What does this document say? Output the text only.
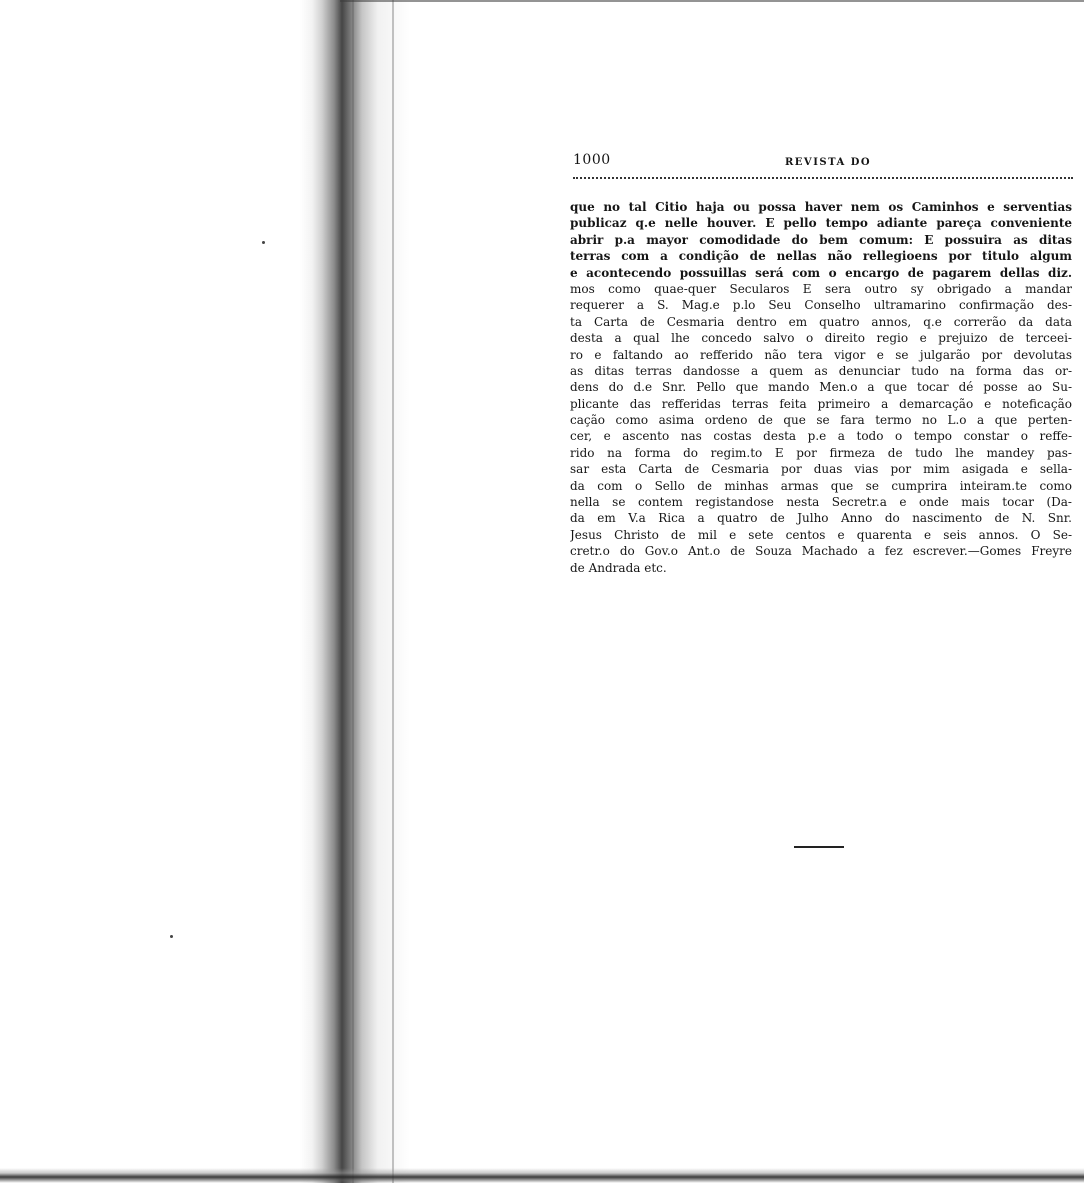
1000	REVISTA DO
que no tal Citio haja ou possa haver nem os Caminhos e serventias
publicaz q.e nelle houver. E pello tempo adiante pareça conveniente
abrir p.a mayor comodidade do bem comum: E possuira as ditas
terras com a condição de nellas não rellegioens por titulo algum
e acontecendo possuillas será com o encargo de pagarem dellas diz.
mos como quae-quer Secularos E sera outro sy obrigado a mandar
requerer a S. Mag.e p.lo Seu Conselho ultramarino confirmação des-
ta Carta de Cesmaria dentro em quatro annos, q.e correrão da data
desta a qual lhe concedo salvo o direito regio e prejuizo de terceei-
ro e faltando ao refferido não tera vigor e se julgarão por devolutas
as ditas terras dandosse a quem as denunciar tudo na forma das or-
dens do d.e Snr. Pello que mando Men.o a que tocar dé posse ao Su-
plicante das refferidas terras feita primeiro a demarcação e noteficação
cação como asima ordeno de que se fara termo no L.o a que perten-
cer, e ascento nas costas desta p.e a todo o tempo constar o reffe-
rido na forma do regim.to E por firmeza de tudo lhe mandey pas-
sar esta Carta de Cesmaria por duas vias por mim asigada e sella-
da com o Sello de minhas armas que se cumprira inteiram.te como
nella se contem registandose nesta Secretr.a e onde mais tocar (Da-
da em V.a Rica a quatro de Julho Anno do nascimento de N. Snr.
Jesus Christo de mil e sete centos e quarenta e seis annos. O Se-
cretr.o do Gov.o Ant.o de Souza Machado a fez escrever.—Gomes Freyre
de Andrada etc.
